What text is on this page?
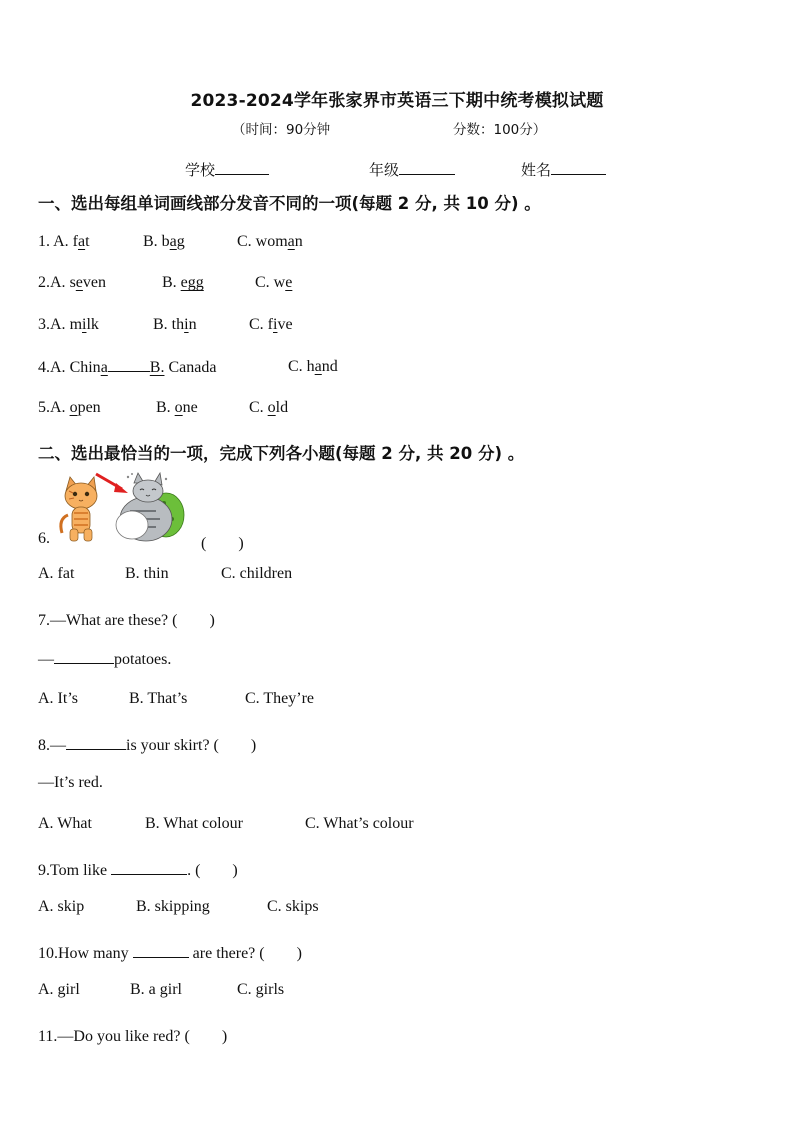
2023-2024学年张家界市英语三下期中统考模拟试题
（时间：90分钟	分数：100分）
学校	年级	姓名
一、选出每组单词画线部分发音不同的一项(每题 2 分, 共 10 分) 。
1. A. fat	B. bag	C. woman
2.A. seven	B. egg	C. we
3.A. milk	B. thin	C. five
4.A. China	B. Canada	C. hand
5.A. open	B. one	C. old
二、选出最恰当的一项，完成下列各小题(每题 2 分, 共 20 分) 。
6.	(　　)
A. fat	B. thin	C. children
7.—What are these? (　　)
—	potatoes.
A. It’s	B. That’s	C. They’re
8.—	is your skirt? (　　)
—It’s red.
A. What	B. What colour	C. What’s colour
9.Tom like	. (　　)
A. skip	B. skipping	C. skips
10.How many	are there? (　　)
A. girl	B. a girl	C. girls
11.—Do you like red? (　　)
